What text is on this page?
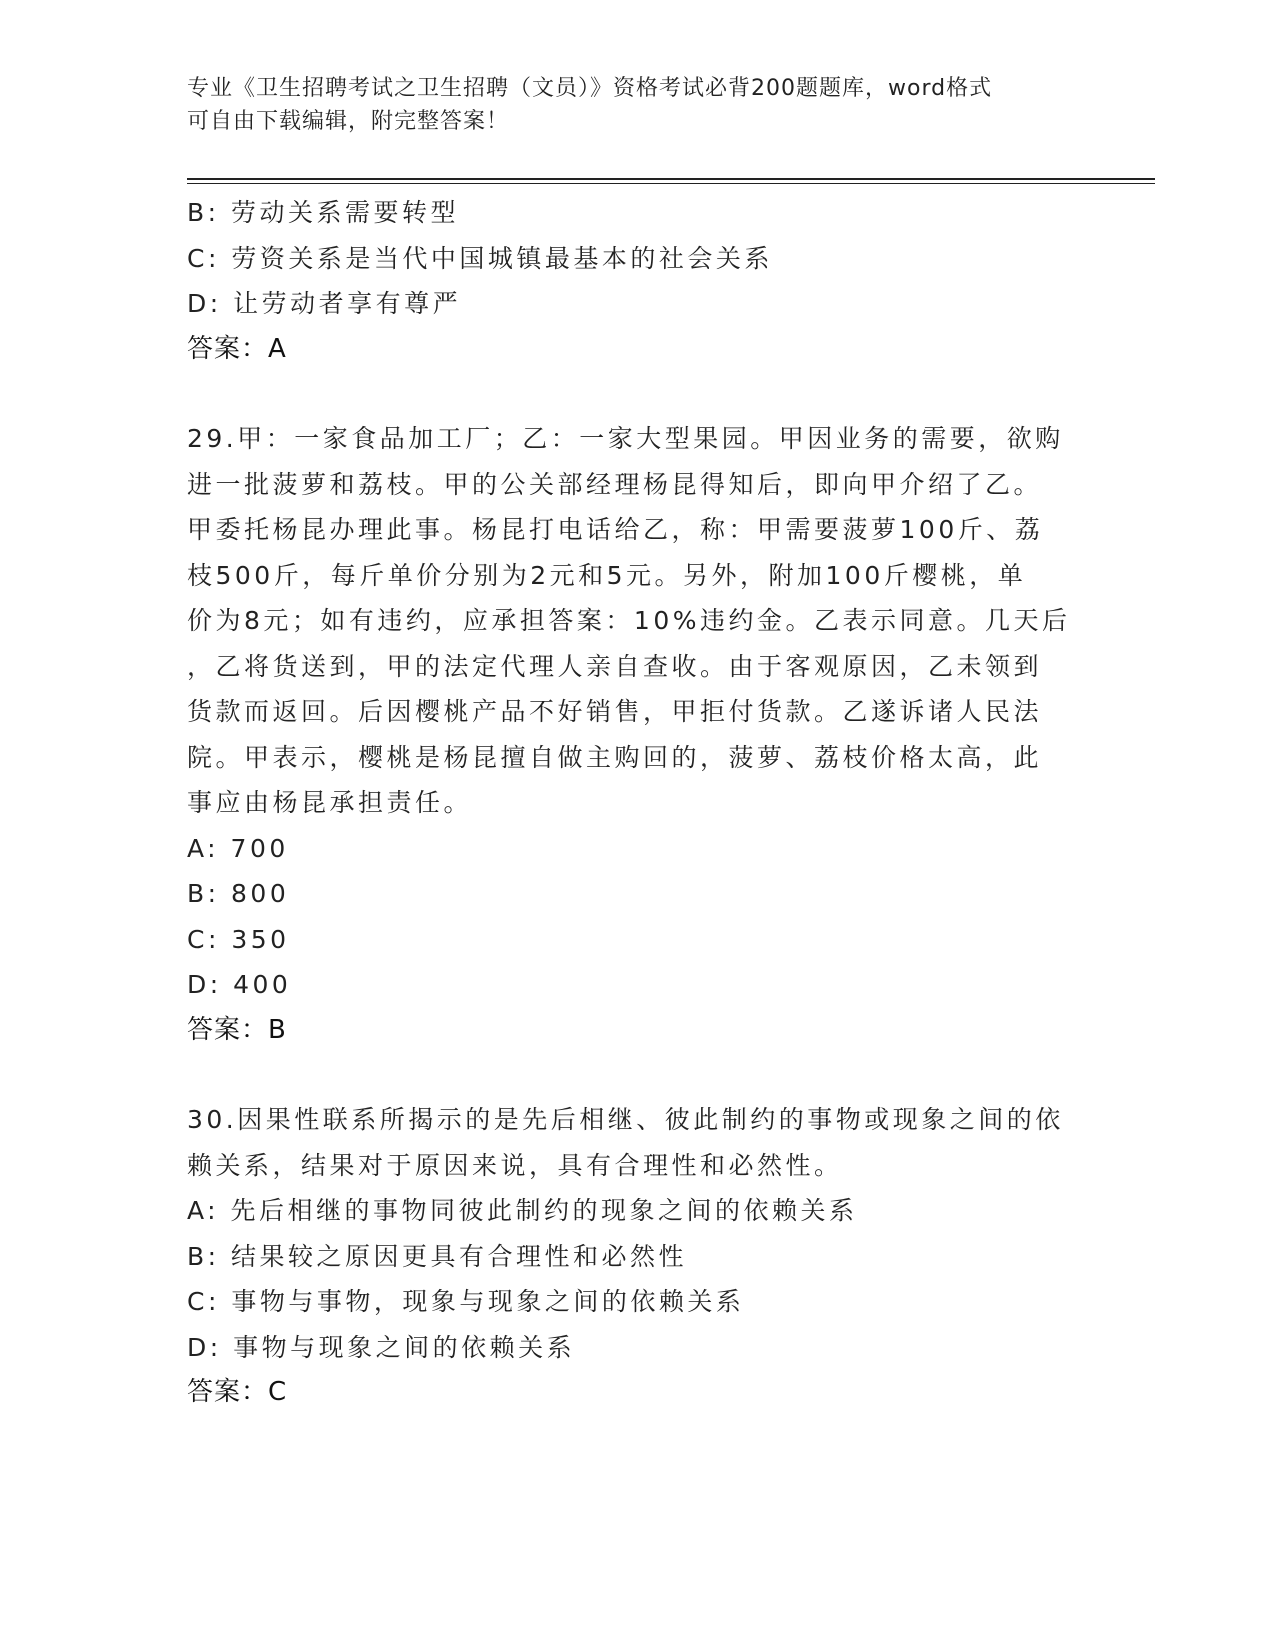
专业《卫生招聘考试之卫生招聘（文员）》资格考试必背200题题库，word格式
可自由下载编辑，附完整答案！
B: 劳动关系需要转型
C: 劳资关系是当代中国城镇最基本的社会关系
D: 让劳动者享有尊严
答案：A
29.甲：一家食品加工厂；乙：一家大型果园。甲因业务的需要，欲购
进一批菠萝和荔枝。甲的公关部经理杨昆得知后，即向甲介绍了乙。
甲委托杨昆办理此事。杨昆打电话给乙，称：甲需要菠萝100斤、荔
枝500斤，每斤单价分别为2元和5元。另外，附加100斤樱桃，单
价为8元；如有违约，应承担答案：10%违约金。乙表示同意。几天后
，乙将货送到，甲的法定代理人亲自查收。由于客观原因，乙未领到
货款而返回。后因樱桃产品不好销售，甲拒付货款。乙遂诉诸人民法
院。甲表示，樱桃是杨昆擅自做主购回的，菠萝、荔枝价格太高，此
事应由杨昆承担责任。
A: 700
B: 800
C: 350
D: 400
答案：B
30.因果性联系所揭示的是先后相继、彼此制约的事物或现象之间的依
赖关系，结果对于原因来说，具有合理性和必然性。
A: 先后相继的事物同彼此制约的现象之间的依赖关系
B: 结果较之原因更具有合理性和必然性
C: 事物与事物，现象与现象之间的依赖关系
D: 事物与现象之间的依赖关系
答案：C
